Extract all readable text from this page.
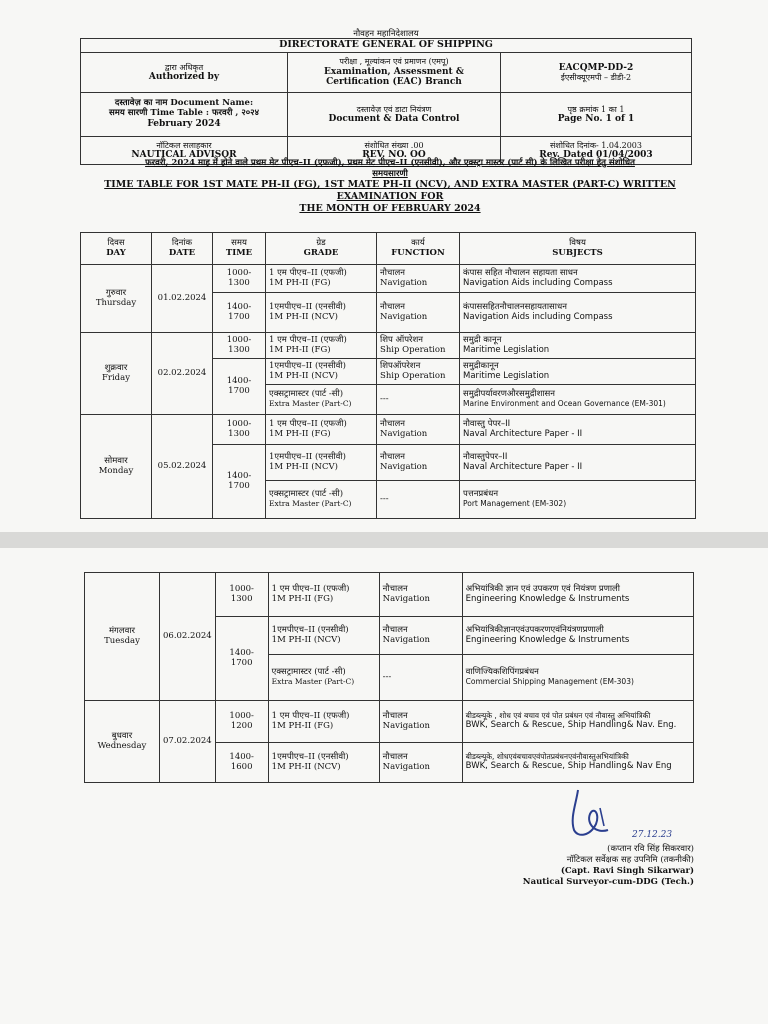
नौवहन महानिदेशालय
DIRECTORATE GENERAL OF SHIPPING		

द्वारा अधिकृत
Authorized by	परीक्षा , मूल्यांकन एवं प्रमाणन (एमपू)
Examination, Assessment & Certification (EAC) Branch	EACQMP-DD-2
ईएसीक्यूएमपी – डीडी-2

दस्तावेज़ का नाम Document Name:
समय सारणी Time Table : फरवरी , २०२४
February 2024	दस्तावेज़ एवं डाटा नियंत्रण
Document & Data Control	पृष्ठ क्रमांक 1 का 1
Page No. 1 of 1

नॉटिकल सलाहकार
NAUTICAL ADVISOR	संशोधित संख्या .00
REV. NO. OO	संशोधित दिनांक- 1.04.2003
Rev. Dated 01/04/2003
फरवरी, 2024 माह में होने वाले प्रथम मेट पीएच–II (एफजी), प्रथम मेट पीएच–II (एनसीवी), और एक्स्ट्रा मास्टर (पार्ट सी) के लिखित परीक्षा हेतु संशोधित
समयसारणी
TIME TABLE FOR 1ST MATE PH-II (FG), 1ST MATE PH-II (NCV), AND EXTRA MASTER (PART-C) WRITTEN EXAMINATION FOR
THE MONTH OF FEBRUARY 2024
दिवस
DAY	दिनांक
DATE	समय
TIME	ग्रेड
GRADE	कार्य
FUNCTION	विषय
SUBJECTS

गुरुवार
Thursday	01.02.2024	1000-1300	1 एम पीएच–II (एफजी)
1M PH-II (FG)	नौचालन
Navigation	कंपास सहित नौचालन सहायता साधन
Navigation Aids including Compass

		1400-1700	1एमपीएच–II (एनसीवी)
1M PH-II (NCV)	नौचालन
Navigation	कंपाससहितनौचालनसहायतासाधन
Navigation Aids including Compass

शुक्रवार
Friday	02.02.2024	1000-1300	1 एम पीएच–II (एफजी)
1M PH-II (FG)	शिप ऑपरेशन
Ship Operation	समुद्री कानून
Maritime Legislation

		1400-1700	1एमपीएच–II (एनसीवी)
1M PH-II (NCV)	शिपऑपरेशन
Ship Operation	समुद्रीकानून
Maritime Legislation

			एक्सट्रामास्टर (पार्ट -सी)
Extra Master (Part-C)	---	समुद्रीपर्यावरणऔरसमुद्रीशासन
Marine Environment and Ocean Governance (EM-301)

सोमवार
Monday	05.02.2024	1000-1300	1 एम पीएच–II (एफजी)
1M PH-II (FG)	नौचालन
Navigation	नौवास्तु पेपर–II
Naval Architecture Paper - II

		1400-1700	1एमपीएच–II (एनसीवी)
1M PH-II (NCV)	नौचालन
Navigation	नौवास्तुपेपर–II
Naval Architecture Paper - II

			एक्सट्रामास्टर (पार्ट -सी)
Extra Master (Part-C)	---	पत्तनप्रबंधन
Port Management (EM-302)
मंगलवार
Tuesday	06.02.2024	1000-1300	1 एम पीएच–II (एफजी)
1M PH-II (FG)	नौचालन
Navigation	अभियांत्रिकी ज्ञान एवं उपकरण एवं नियंत्रण प्रणाली
Engineering Knowledge & Instruments

		1400-1700	1एमपीएच–II (एनसीवी)
1M PH-II (NCV)	नौचालन
Navigation	अभियांत्रिकीज्ञानएवंउपकरणएवंनियंत्रणप्रणाली
Engineering Knowledge & Instruments

			एक्सट्रामास्टर (पार्ट -सी)
Extra Master (Part-C)	---	वाणिज्यिकशिपिंगप्रबंधन
Commercial Shipping Management (EM-303)

बुधवार
Wednesday	07.02.2024	1000-1200	1 एम पीएच–II (एफजी)
1M PH-II (FG)	नौचालन
Navigation	बीडब्ल्यूके , शोध एवं बचाव एवं पोत प्रबंधन एवं नौवास्तु अभियांत्रिकी
BWK, Search & Rescue, Ship Handling& Nav. Eng.

		1400-1600	1एमपीएच–II (एनसीवी)
1M PH-II (NCV)	नौचालन
Navigation	बीडब्ल्यूके, शोधएवंबचावएवंपोतप्रबंधनएवंनौवास्तुअभियांत्रिकी
BWK, Search & Rescue, Ship Handling& Nav Eng
27.12.23
(कप्तान रवि सिंह सिकरवार)
नॉटिकल सर्वेक्षक सह उपनिमि (तकनीकी)
(Capt. Ravi Singh Sikarwar)
Nautical Surveyor-cum-DDG (Tech.)
